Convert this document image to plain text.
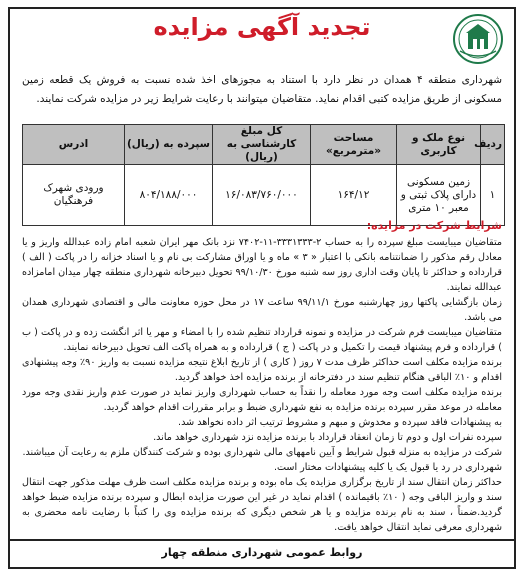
تجدید آگهی مزایده
شهرداری منطقه ۴ همدان در نظر دارد با استناد به مجوزهای اخذ شده نسبت به فروش یک قطعه زمین مسکونی از طریق مزایده کتبی اقدام نماید. متقاضیان میتوانند با رعایت شرایط زیر در مزایده شرکت نمایند.
ردیف	نوع ملک و کاربری	مساحت «مترمربع»	کل مبلغ کارشناسی به (ریال)	سپرده به (ریال)	ادرس
۱	زمین مسکونی دارای پلاک ثبتی و معبر ۱۰ متری	۱۶۴/۱۲	۱۶/۰۸۳/۷۶۰/۰۰۰	۸۰۴/۱۸۸/۰۰۰	ورودی شهرک فرهنگیان
شرایط شرکت در مزایده:

متقاضیان میبایست مبلغ سپرده را به حساب ۲-۳۳۳۱۳۳۳-۱۱-۷۴۰۲ نزد بانک مهر ایران شعبه امام زاده عبدالله واریز و یا معادل رقم مذکور را ضمانتنامه بانکی با اعتبار « ۳ » ماه و یا اوراق مشارکت بی نام و یا اسناد خزانه را در پاکت ( الف ) قرارداده و حداکثر تا پایان وقت اداری روز سه شنبه مورخ ۹۹/۱۰/۳۰ تحویل دبیرخانه شهرداری منطقه چهار میدان امامزاده عبدالله نمایند.

زمان بازگشایی پاکتها روز چهارشنبه مورخ ۹۹/۱۱/۱ ساعت ۱۷ در محل حوزه معاونت مالی و اقتصادی شهرداری همدان می باشد.

متقاضیان میبایست فرم شرکت در مزایده و نمونه قرارداد تنظیم شده را با امضاء و مهر یا اثر انگشت زده و در پاکت ( ب ) قرارداده و فرم پیشنهاد قیمت را تکمیل و در پاکت ( ج ) قرارداده و به همراه پاکت الف تحویل دبیرخانه نمایند.

برنده مزایده مکلف است حداکثر ظرف مدت ۷ روز ( کاری ) از تاریخ ابلاغ نتیجه مزایده نسبت به واریز ۹۰٪ وجه پیشنهادی اقدام و ۱۰٪ الباقی هنگام تنظیم سند در دفترخانه از برنده مزایده اخذ خواهد گردید.

برنده مزایده مکلف است وجه مورد معامله را نقداً به حساب شهرداری واریز نماید در صورت عدم واریز نقدی وجه مورد معامله در موعد مقرر سپرده برنده مزایده به نفع شهرداری ضبط و برابر مقررات اقدام خواهد گردید.

به پیشنهادات فاقد سپرده و مخدوش و مبهم و مشروط ترتیب اثر داده نخواهد شد.

سپرده نفرات اول و دوم تا زمان انعقاد قرارداد با برنده مزایده نزد شهرداری خواهد ماند.

شرکت در مزایده به منزله قبول شرایط و آیین نامههای مالی شهرداری بوده و شرکت کنندگان ملزم به رعایت آن میباشند.

شهرداری در رد یا قبول یک یا کلیه پیشنهادات مختار است.

حداکثر زمان انتقال سند از تاریخ برگزاری مزایده یک ماه بوده و برنده مزایده مکلف است ظرف مهلت مذکور جهت انتقال سند و واریز الباقی وجه ( ۱۰٪ باقیمانده ) اقدام نماید در غیر این صورت مزایده ابطال و سپرده برنده مزایده ضبط خواهد گردید.ضمناً ، سند به نام برنده مزایده و یا هر شخص دیگری که برنده مزایده وی را کتباً با رضایت نامه محضری به شهرداری معرفی نماید انتقال خواهد یافت.

روابط عمومی شهرداری منطقه چهار
